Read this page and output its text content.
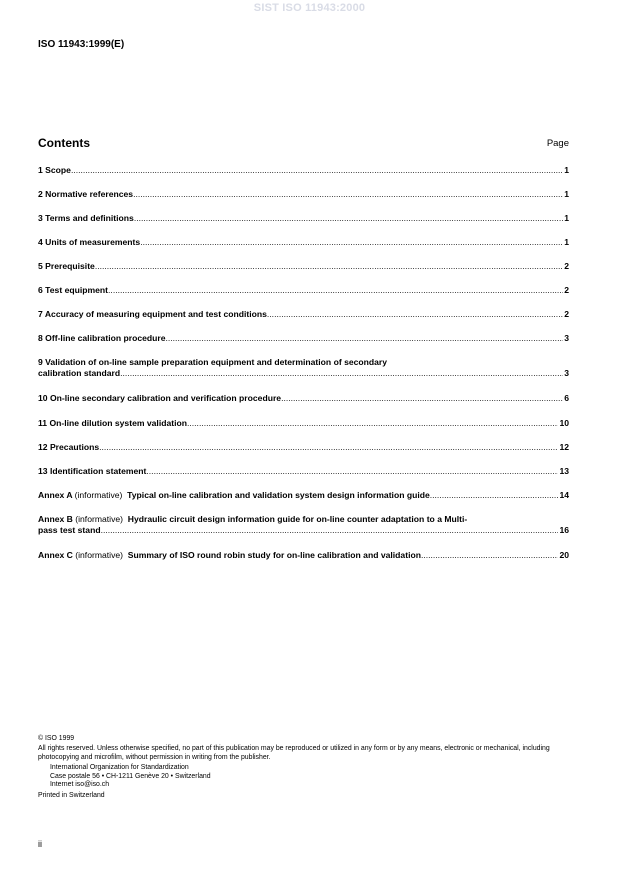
SIST ISO 11943:2000
ISO 11943:1999(E)
Contents	Page
1 Scope .....	1
2 Normative references .....	1
3 Terms and definitions .....	1
4 Units of measurements .....	1
5 Prerequisite .....	2
6 Test equipment .....	2
7 Accuracy of measuring equipment and test conditions .....	2
8 Off-line calibration procedure .....	3
9 Validation of on-line sample preparation equipment and determination of secondary
calibration standard .....	3
10 On-line secondary calibration and verification procedure .....	6
11 On-line dilution system validation .....	10
12 Precautions .....	12
13 Identification statement .....	13
Annex A (informative) Typical on-line calibration and validation system design information guide .....	14
Annex B (informative) Hydraulic circuit design information guide for on-line counter adaptation to a Multi-
pass test stand .....	16
Annex C (informative) Summary of ISO round robin study for on-line calibration and validation .....	20
© ISO 1999
All rights reserved. Unless otherwise specified, no part of this publication may be reproduced or utilized in any form or by any means, electronic or mechanical, including photocopying and microfilm, without permission in writing from the publisher.
International Organization for Standardization
Case postale 56 • CH-1211 Genève 20 • Switzerland
Internet iso@iso.ch
Printed in Switzerland
ii
